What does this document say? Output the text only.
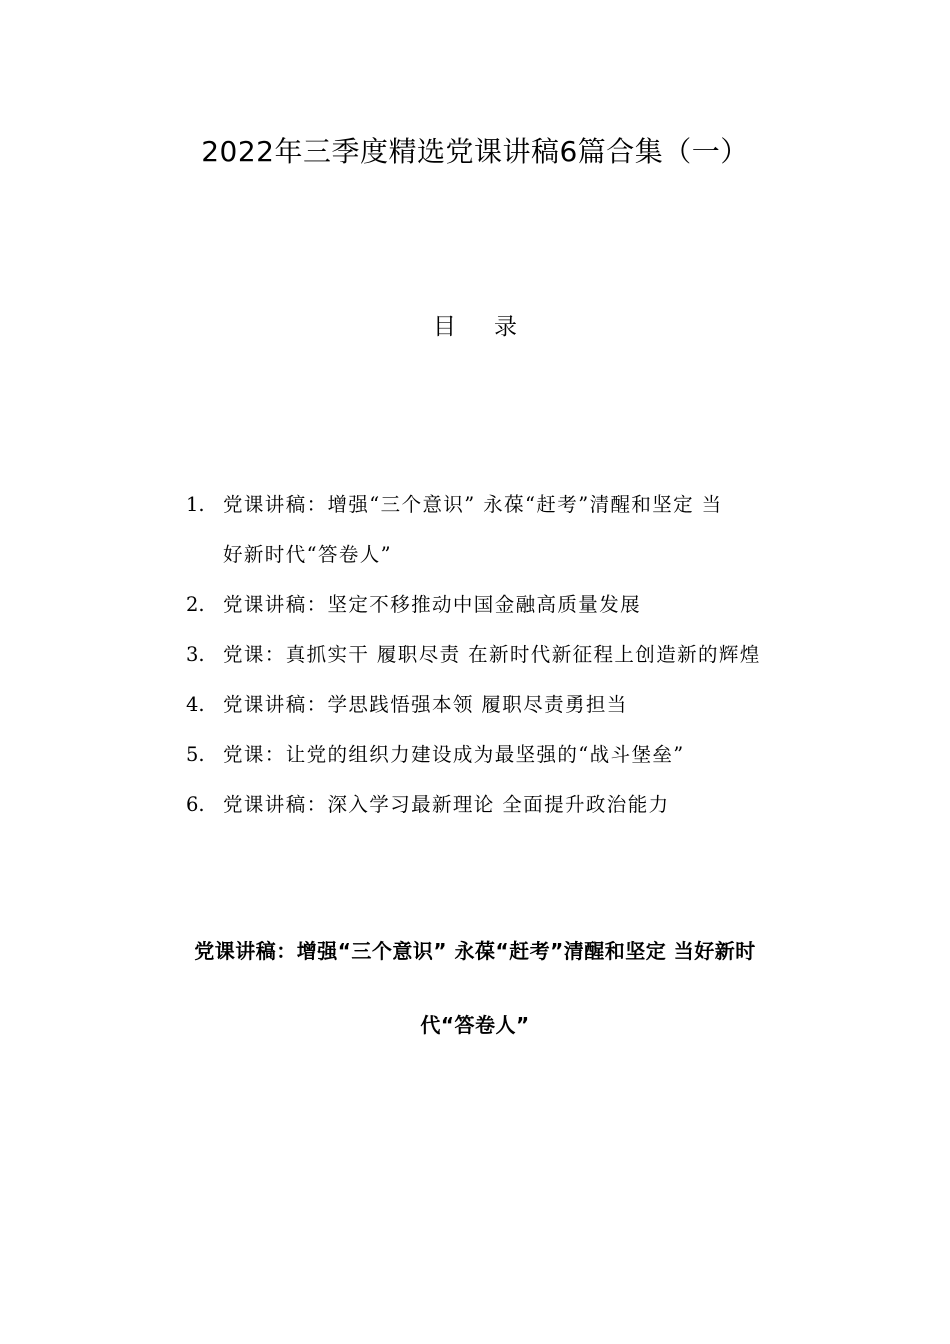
2022年三季度精选党课讲稿6篇合集（一）
目 录
1. 党课讲稿：增强“三个意识” 永葆“赶考”清醒和坚定 当
好新时代“答卷人”
2. 党课讲稿：坚定不移推动中国金融高质量发展
3. 党课：真抓实干 履职尽责 在新时代新征程上创造新的辉煌
4. 党课讲稿：学思践悟强本领 履职尽责勇担当
5. 党课：让党的组织力建设成为最坚强的“战斗堡垒”
6. 党课讲稿：深入学习最新理论 全面提升政治能力
党课讲稿：增强“三个意识” 永葆“赶考”清醒和坚定 当好新时
代“答卷人”
